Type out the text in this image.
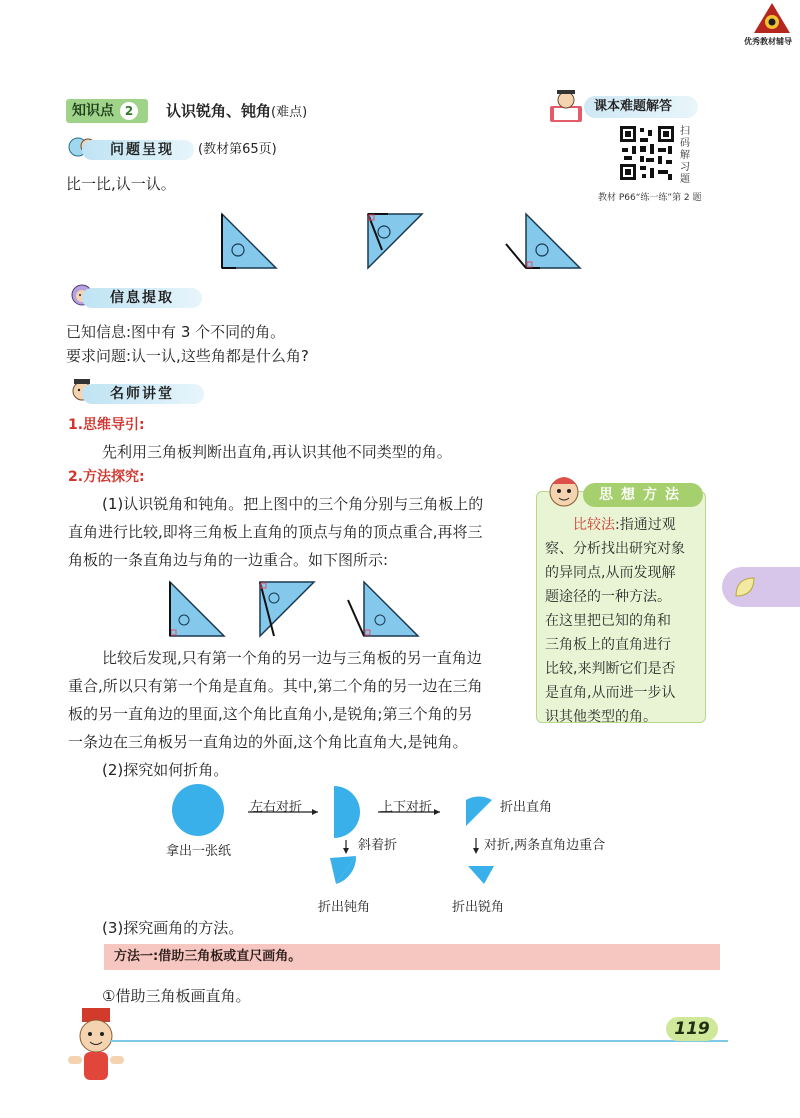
优秀教材辅导
知识点 2	认识锐角、钝角(难点)	课本难题解答
扫码解习题
教材 P66“练一练”第 2 题
问题呈现	(教材第65页)
比一比,认一认。
信息提取
已知信息:图中有 3 个不同的角。
要求问题:认一认,这些角都是什么角?
名师讲堂
1.思维导引:
先利用三角板判断出直角,再认识其他不同类型的角。
2.方法探究:
(1)认识锐角和钝角。把上图中的三个角分别与三角板上的
直角进行比较,即将三角板上直角的顶点与角的顶点重合,再将三
角板的一条直角边与角的一边重合。如下图所示:
比较后发现,只有第一个角的另一边与三角板的另一直角边
重合,所以只有第一个角是直角。其中,第二个角的另一边在三角
板的另一直角边的里面,这个角比直角小,是锐角;第三个角的另
一条边在三角板另一直角边的外面,这个角比直角大,是钝角。
(2)探究如何折角。
左右对折	上下对折	折出直角
拿出一张纸	斜着折	对折,两条直角边重合
折出钝角	折出锐角
(3)探究画角的方法。
方法一:借助三角板或直尺画角。
①借助三角板画直角。
思想方法
比较法:指通过观
察、分析找出研究对象
的异同点,从而发现解
题途径的一种方法。
在这里把已知的角和
三角板上的直角进行
比较,来判断它们是否
是直角,从而进一步认
识其他类型的角。
119
